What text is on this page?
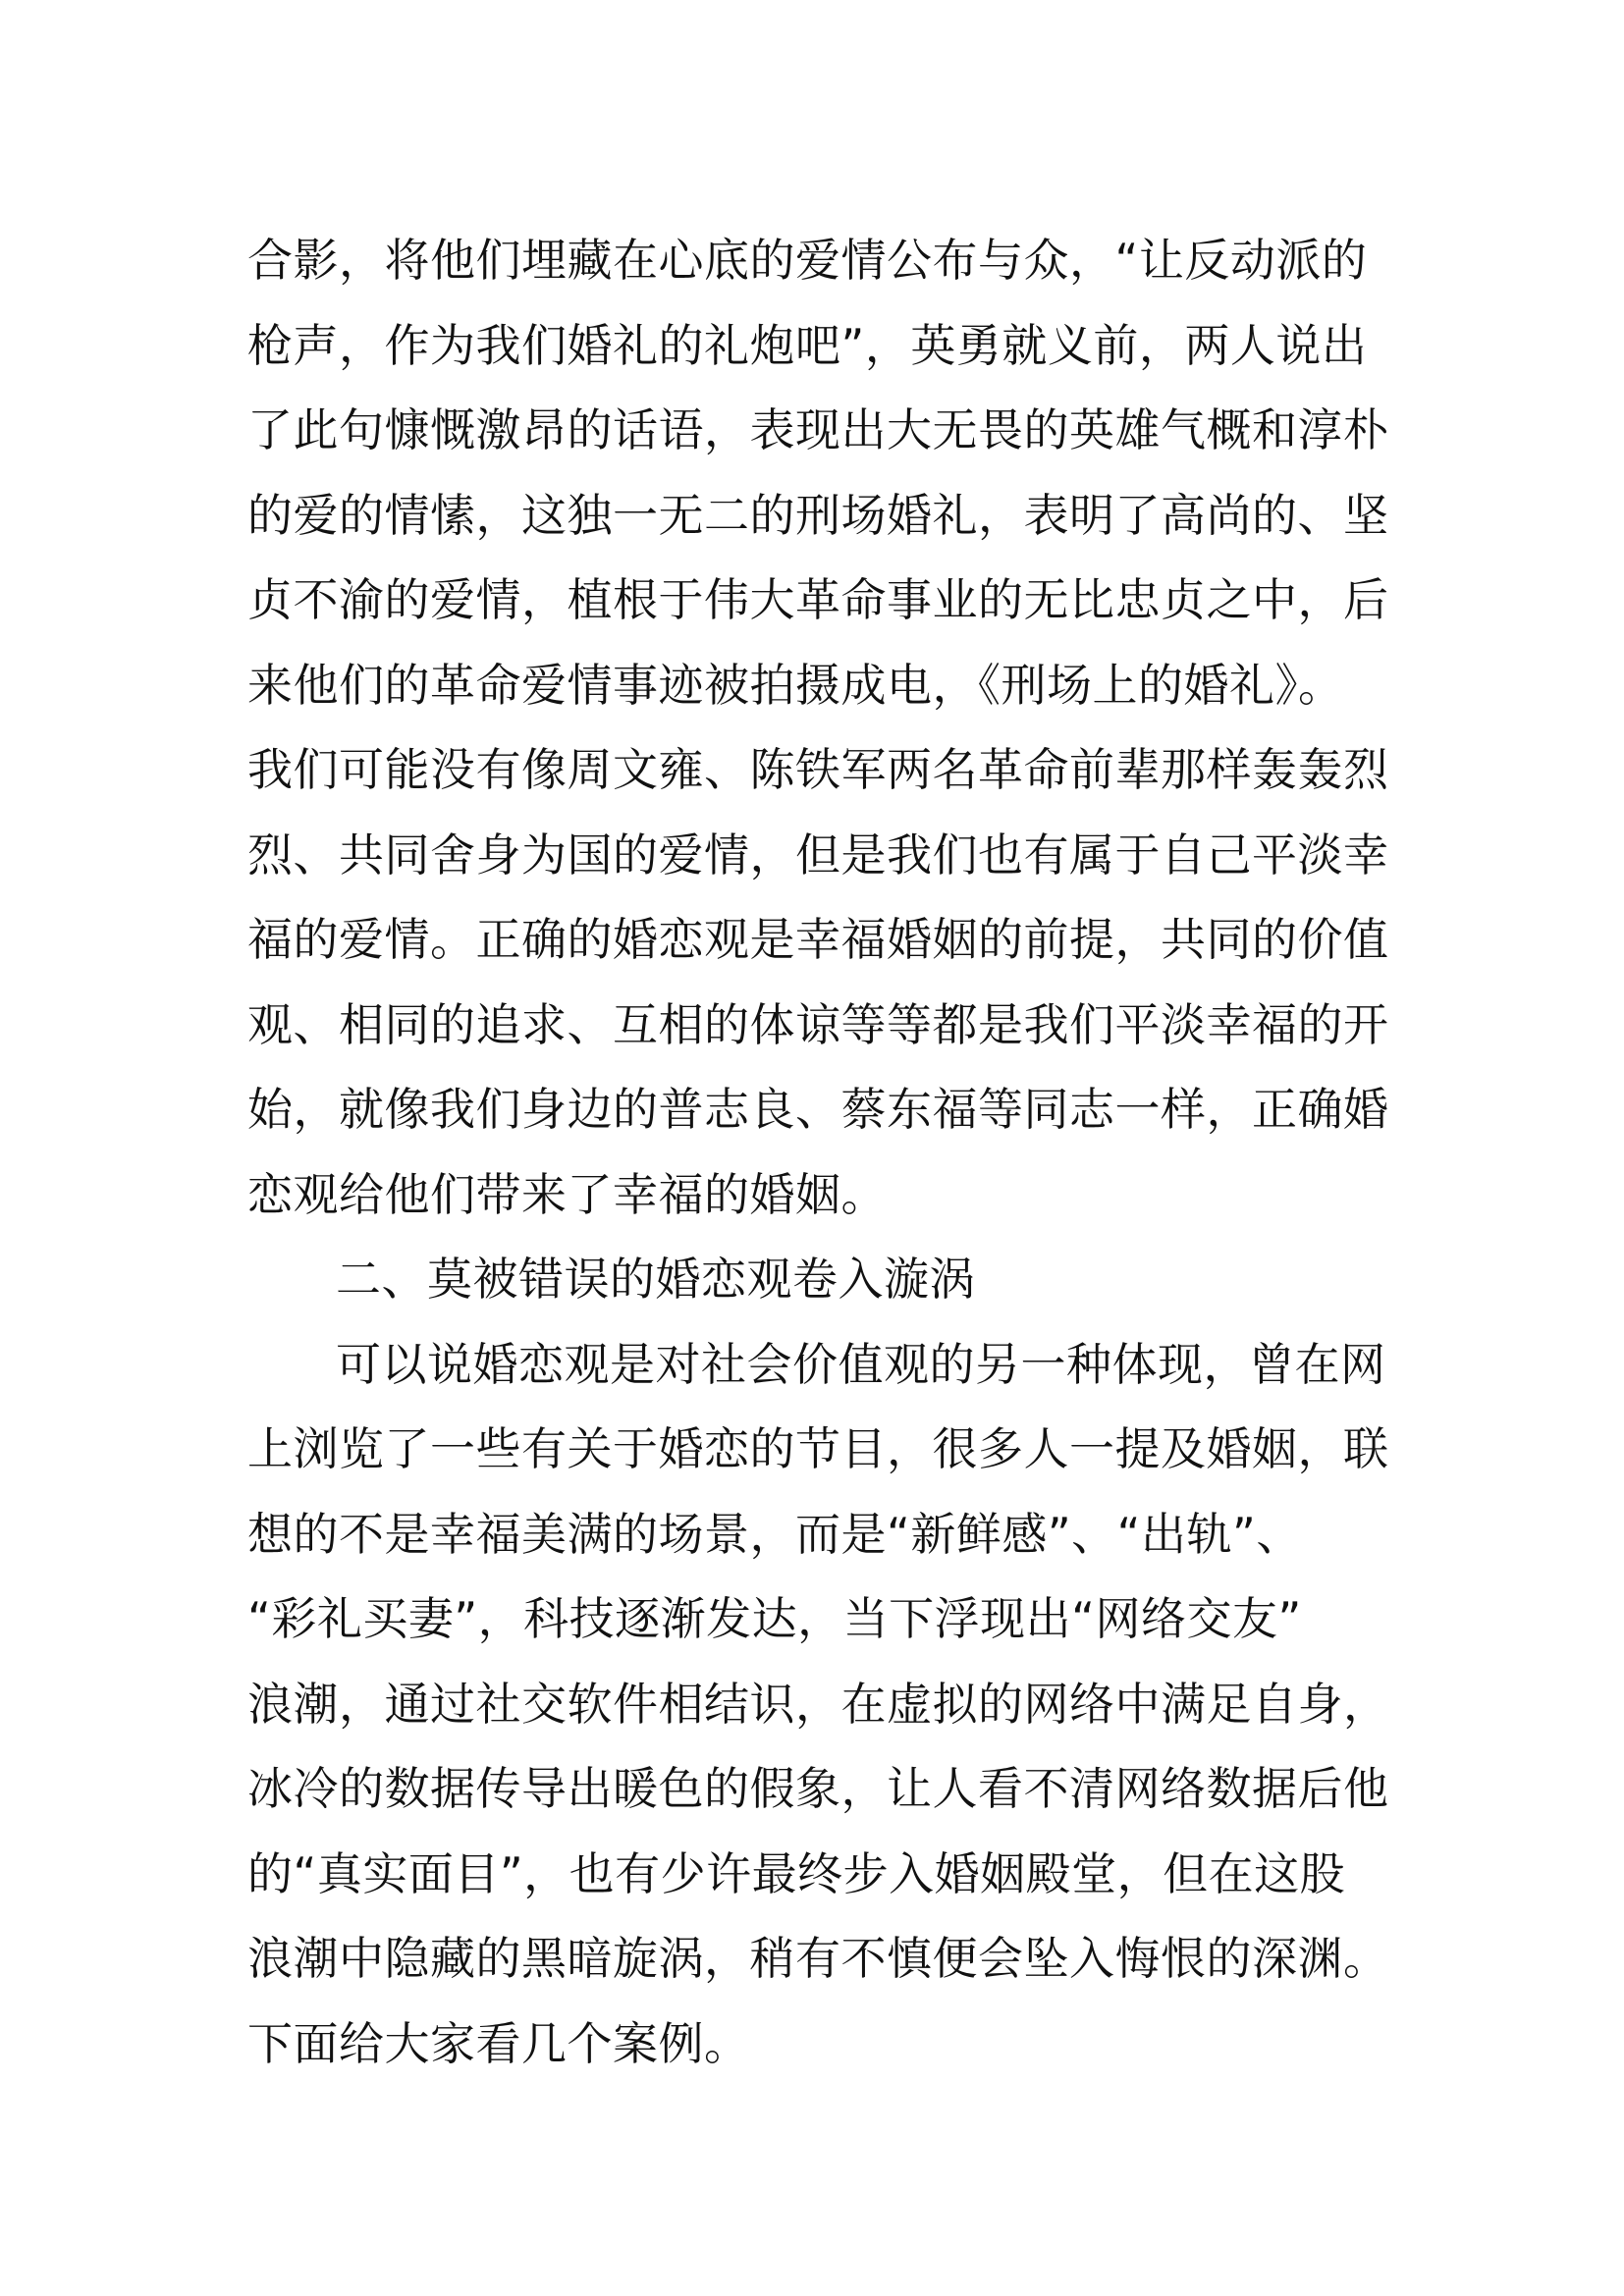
合影，将他们埋藏在心底的爱情公布与众，“让反动派的
枪声，作为我们婚礼的礼炮吧”，英勇就义前，两人说出
了此句慷慨激昂的话语，表现出大无畏的英雄气概和淳朴
的爱的情愫，这独一无二的刑场婚礼，表明了高尚的、坚
贞不渝的爱情，植根于伟大革命事业的无比忠贞之中，后
来他们的革命爱情事迹被拍摄成电，《刑场上的婚礼》。
我们可能没有像周文雍、陈铁军两名革命前辈那样轰轰烈
烈、共同舍身为国的爱情，但是我们也有属于自己平淡幸
福的爱情。正确的婚恋观是幸福婚姻的前提，共同的价值
观、相同的追求、互相的体谅等等都是我们平淡幸福的开
始，就像我们身边的普志良、蔡东福等同志一样，正确婚
恋观给他们带来了幸福的婚姻。
二、莫被错误的婚恋观卷入漩涡
可以说婚恋观是对社会价值观的另一种体现，曾在网
上浏览了一些有关于婚恋的节目，很多人一提及婚姻，联
想的不是幸福美满的场景，而是“新鲜感”、“出轨”、
“彩礼买妻”，科技逐渐发达，当下浮现出“网络交友”
浪潮，通过社交软件相结识，在虚拟的网络中满足自身，
冰冷的数据传导出暖色的假象，让人看不清网络数据后他
的“真实面目”，也有少许最终步入婚姻殿堂，但在这股
浪潮中隐藏的黑暗旋涡，稍有不慎便会坠入悔恨的深渊。
下面给大家看几个案例。
